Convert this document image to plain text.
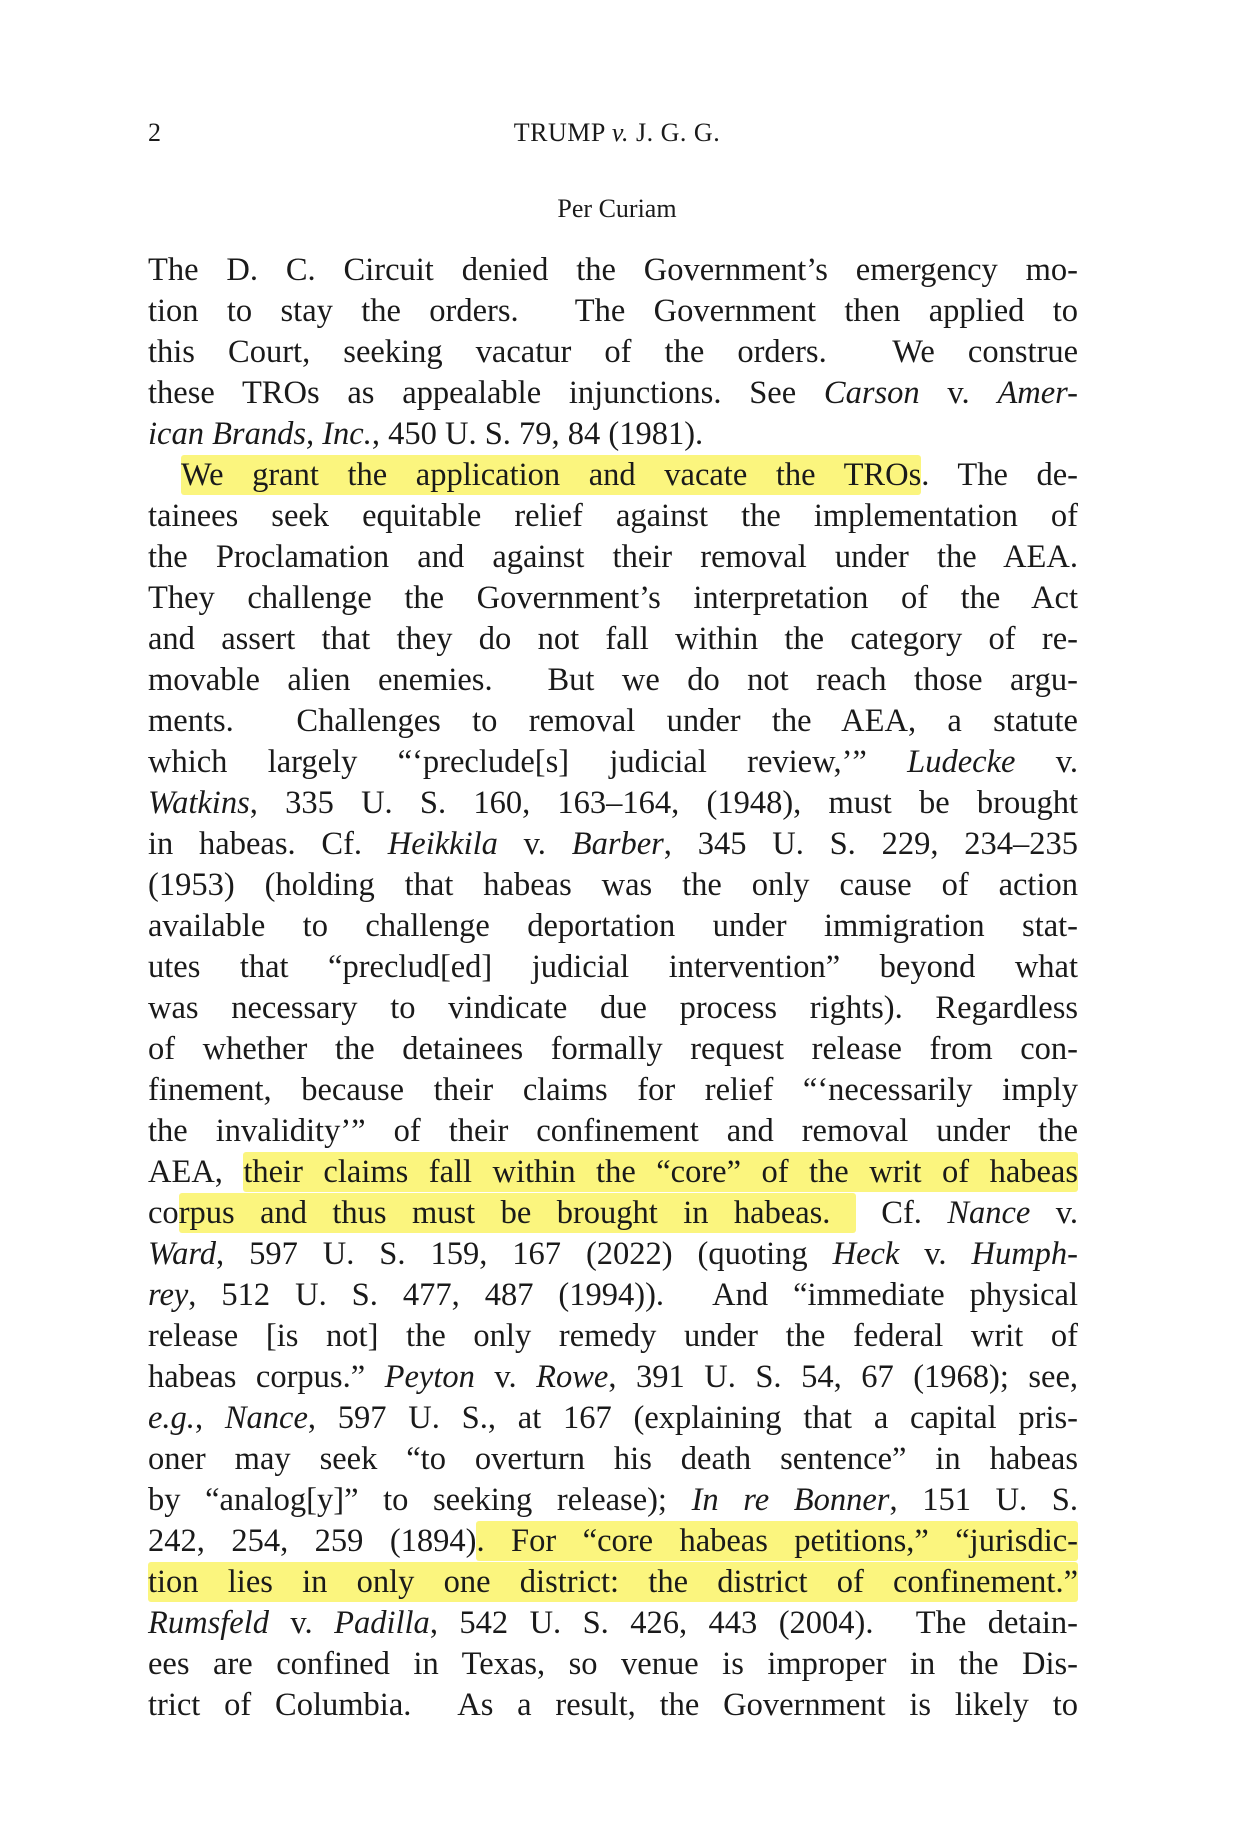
2	TRUMP v. J. G. G.
Per Curiam
The D. C. Circuit denied the Government’s emergency mo-
tion to stay the orders.  The Government then applied to
this Court, seeking vacatur of the orders.  We construe
these TROs as appealable injunctions. See Carson v. Amer-
ican Brands, Inc., 450 U. S. 79, 84 (1981).
We grant the application and vacate the TROs. The de-
tainees seek equitable relief against the implementation of
the Proclamation and against their removal under the AEA.
They challenge the Government’s interpretation of the Act
and assert that they do not fall within the category of re-
movable alien enemies.  But we do not reach those argu-
ments.  Challenges to removal under the AEA, a statute
which largely “‘preclude[s] judicial review,’” Ludecke v.
Watkins, 335 U. S. 160, 163–164, (1948), must be brought
in habeas. Cf. Heikkila v. Barber, 345 U. S. 229, 234–235
(1953) (holding that habeas was the only cause of action
available to challenge deportation under immigration stat-
utes that “preclud[ed] judicial intervention” beyond what
was necessary to vindicate due process rights). Regardless
of whether the detainees formally request release from con-
finement, because their claims for relief “‘necessarily imply
the invalidity’” of their confinement and removal under the
AEA, their claims fall within the “core” of the writ of habeas
corpus and thus must be brought in habeas.  Cf. Nance v.
Ward, 597 U. S. 159, 167 (2022) (quoting Heck v. Humph-
rey, 512 U. S. 477, 487 (1994)).  And “immediate physical
release [is not] the only remedy under the federal writ of
habeas corpus.” Peyton v. Rowe, 391 U. S. 54, 67 (1968); see,
e.g., Nance, 597 U. S., at 167 (explaining that a capital pris-
oner may seek “to overturn his death sentence” in habeas
by “analog[y]” to seeking release); In re Bonner, 151 U. S.
242, 254, 259 (1894). For “core habeas petitions,” “jurisdic-
tion lies in only one district: the district of confinement.”
Rumsfeld v. Padilla, 542 U. S. 426, 443 (2004).  The detain-
ees are confined in Texas, so venue is improper in the Dis-
trict of Columbia.  As a result, the Government is likely to
